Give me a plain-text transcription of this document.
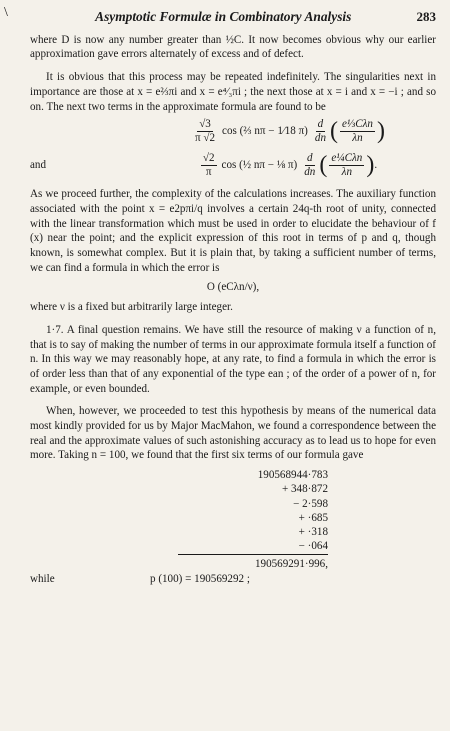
\	Asymptotic Formulæ in Combinatory Analysis	283

where D is now any number greater than ½C. It now becomes obvious why our earlier approximation gave errors alternately of excess and of defect.

It is obvious that this process may be repeated indefinitely. The singularities next in importance are those at x = e⅔πi and x = e⁴⁄₃πi ; the next those at x = i and x = −i ; and so on. The next two terms in the approximate formula are found to be

$\frac{√3}{\pi √2}$ cos (⅔ nπ − 1⁄18 $\pi) \frac{d}{dn}$ ( $\frac{\text{e⅓Cλn}}{\lambda n}$ )
and	$\frac{√2}{\pi}$ cos (½ nπ − ⅛ $\pi) \frac{d}{dn}$ ( $\frac{\text{e¼Cλn}}{\lambda n}$ ) .

As we proceed further, the complexity of the calculations increases. The auxiliary function associated with the point x = e2pπi/q involves a certain 24q-th root of unity, connected with the linear transformation which must be used in order to elucidate the behaviour of f (x) near the point; and the explicit expression of this root in terms of p and q, though known, is somewhat complex. But it is plain that, by taking a sufficient number of terms, we can find a formula in which the error is

O (eCλn/ν),

where ν is a fixed but arbitrarily large integer.

1·7. A final question remains. We have still the resource of making ν a function of n, that is to say of making the number of terms in our approximate formula itself a function of n. In this way we may reasonably hope, at any rate, to find a formula in which the error is of order less than that of any exponential of the type ean ; of the order of a power of n, for example, or even bounded.

When, however, we proceeded to test this hypothesis by means of the numerical data most kindly provided for us by Major MacMahon, we found a correspondence between the real and the approximate values of such astonishing accuracy as to lead us to hope for even more. Taking n = 100, we found that the first six terms of our formula gave

190568944·783
+ 348·872
− 2·598
+ ·685
+ ·318
− ·064
190569291·996,
while	p (100) = 190569292 ;
